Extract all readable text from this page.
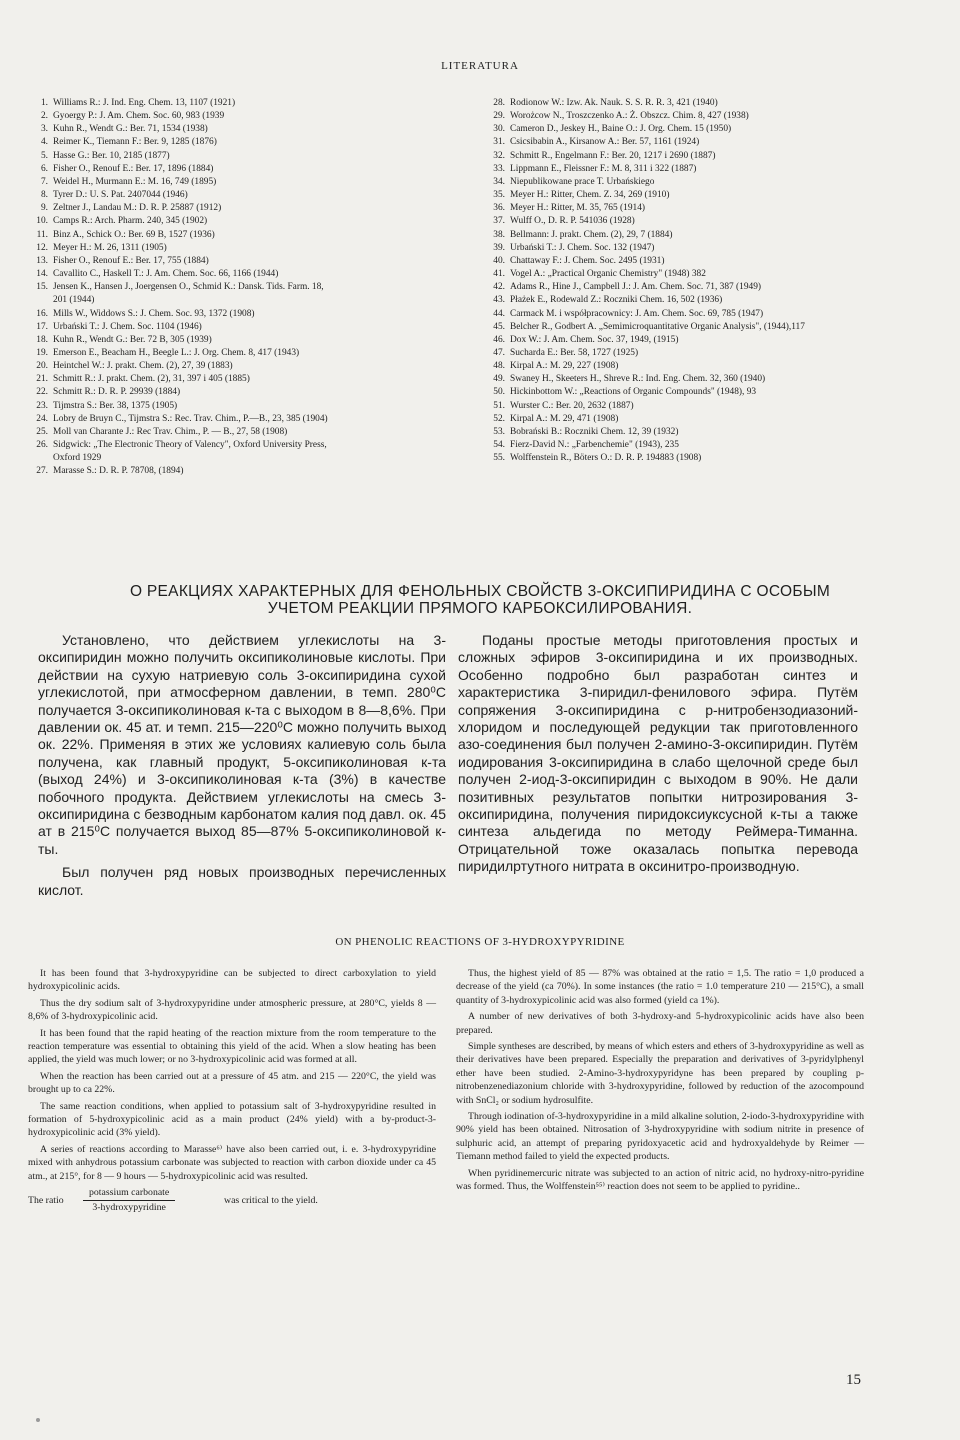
LITERATURA
1. Williams R.: J. Ind. Eng. Chem. 13, 1107 (1921)
2. Gyoergy P.: J. Am. Chem. Soc. 60, 983 (1939
3. Kuhn R., Wendt G.: Ber. 71, 1534 (1938)
4. Reimer K., Tiemann F.: Ber. 9, 1285 (1876)
5. Hasse G.: Ber. 10, 2185 (1877)
6. Fisher O., Renouf E.: Ber. 17, 1896 (1884)
7. Weidel H., Murmann E.: M. 16, 749 (1895)
8. Tyrer D.: U. S. Pat. 2407044 (1946)
9. Zeltner J., Landau M.: D. R. P. 25887 (1912)
10. Camps R.: Arch. Pharm. 240, 345 (1902)
11. Binz A., Schick O.: Ber. 69 B, 1527 (1936)
12. Meyer H.: M. 26, 1311 (1905)
13. Fisher O., Renouf E.: Ber. 17, 755 (1884)
14. Cavallito C., Haskell T.: J. Am. Chem. Soc. 66, 1166 (1944)
15. Jensen K., Hansen J., Joergensen O., Schmid K.: Dansk. Tids. Farm. 18,
201 (1944)
16. Mills W., Widdows S.: J. Chem. Soc. 93, 1372 (1908)
17. Urbański T.: J. Chem. Soc. 1104 (1946)
18. Kuhn R., Wendt G.: Ber. 72 B, 305 (1939)
19. Emerson E., Beacham H., Beegle L.: J. Org. Chem. 8, 417 (1943)
20. Heintchel W.: J. prakt. Chem. (2), 27, 39 (1883)
21. Schmitt R.: J. prakt. Chem. (2), 31, 397 i 405 (1885)
22. Schmitt R.: D. R. P. 29939 (1884)
23. Tijmstra S.: Ber. 38, 1375 (1905)
24. Lobry de Bruyn C., Tijmstra S.: Rec. Trav. Chim., P.—B., 23, 385 (1904)
25. Moll van Charante J.: Rec Trav. Chim., P. — B., 27, 58 (1908)
26. Sidgwick: „The Electronic Theory of Valency", Oxford University Press,
Oxford 1929
27. Marasse S.: D. R. P. 78708, (1894)
28. Rodionow W.: Izw. Ak. Nauk. S. S. R. R. 3, 421 (1940)
29. Worożcow N., Troszczenko A.: Ż. Obszcz. Chim. 8, 427 (1938)
30. Cameron D., Jeskey H., Baine O.: J. Org. Chem. 15 (1950)
31. Csicsibabin A., Kirsanow A.: Ber. 57, 1161 (1924)
32. Schmitt R., Engelmann F.: Ber. 20, 1217 i 2690 (1887)
33. Lippmann E., Fleissner F.: M. 8, 311 i 322 (1887)
34. Niepublikowane prace T. Urbańskiego
35. Meyer H.: Ritter, Chem. Z. 34, 269 (1910)
36. Meyer H.: Ritter, M. 35, 765 (1914)
37. Wulff O., D. R. P. 541036 (1928)
38. Bellmann: J. prakt. Chem. (2), 29, 7 (1884)
39. Urbański T.: J. Chem. Soc. 132 (1947)
40. Chattaway F.: J. Chem. Soc. 2495 (1931)
41. Vogel A.: „Practical Organic Chemistry" (1948) 382
42. Adams R., Hine J., Campbell J.: J. Am. Chem. Soc. 71, 387 (1949)
43. Płażek E., Rodewald Z.: Roczniki Chem. 16, 502 (1936)
44. Carmack M. i współpracownicy: J. Am. Chem. Soc. 69, 785 (1947)
45. Belcher R., Godbert A. „Semimicroquantitative Organic Analysis", (1944),117
46. Dox W.: J. Am. Chem. Soc. 37, 1949, (1915)
47. Sucharda E.: Ber. 58, 1727 (1925)
48. Kirpal A.: M. 29, 227 (1908)
49. Swaney H., Skeeters H., Shreve R.: Ind. Eng. Chem. 32, 360 (1940)
50. Hickinbottom W.: „Reactions of Organic Compounds" (1948), 93
51. Wurster C.: Ber. 20, 2632 (1887)
52. Kirpal A.: M. 29, 471 (1908)
53. Bobrański B.: Roczniki Chem. 12, 39 (1932)
54. Fierz-David N.: „Farbenchemie" (1943), 235
55. Wolffenstein R., Böters O.: D. R. P. 194883 (1908)
О РЕАКЦИЯХ ХАРАКТЕРНЫХ ДЛЯ ФЕНОЛЬНЫХ СВОЙСТВ 3-ОКСИПИРИДИНА С ОСОБЫМ
УЧЕТОМ РЕАКЦИИ ПРЯМОГО КАРБОКСИЛИРОВАНИЯ.

Установлено, что действием углекислоты на 3-оксипиридин можно получить оксипиколиновые кислоты. При действии на сухую натриевую соль 3-оксипиридина сухой углекислотой, при атмосферном давлении, в темп. 280⁰С получается 3-оксипиколиновая к-та с выходом в 8—8,6%. При давлении ок. 45 ат. и темп. 215—220⁰С можно получить выход ок. 22%. Применяя в этих же условиях калиевую соль была получена, как главный продукт, 5-оксипиколиновая к-та (выход 24%) и 3-оксипиколиновая к-та (3%) в качестве побочного продукта. Действием углекислоты на смесь 3-оксипиридина с безводным карбонатом калия под давл. ок. 45 ат в 215⁰С получается выход 85—87% 5-оксипиколиновой к-ты.

Был получен ряд новых производных перечисленных кислот.

Поданы простые методы приготовления простых и сложных эфиров 3-оксипиридина и их производных. Особенно подробно был разработан синтез и характеристика 3-пиридил-фенилового эфира. Путём сопряжения 3-оксипиридина с р-нитробензодиазоний-хлоридом и последующей редукции так приготовленного азо-соединения был получен 2-амино-3-оксипиридин. Путём иодирования 3-оксипиридина в слабо щелочной среде был получен 2-иод-3-оксипиридин с выходом в 90%. Не дали позитивных результатов попытки нитрозирования 3-оксипиридина, получения пиридоксиуксусной к-ты а также синтеза альдегида по методу Реймера-Тиманна. Отрицательной тоже оказалась попытка перевода пиридилртутного нитрата в оксинитро-производную.

ON PHENOLIC REACTIONS OF 3-HYDROXYPYRIDINE

It has been found that 3-hydroxypyridine can be subjected to direct carboxylation to yield hydroxypicolinic acids.

Thus the dry sodium salt of 3-hydroxypyridine under atmospheric pressure, at 280°C, yields 8 — 8,6% of 3-hydroxypicolinic acid.

It has been found that the rapid heating of the reaction mixture from the room temperature to the reaction temperature was essential to obtaining this yield of the acid. When a slow heating has been applied, the yield was much lower; or no 3-hydroxypicolinic acid was formed at all.

When the reaction has been carried out at a pressure of 45 atm. and 215 — 220°C, the yield was brought up to ca 22%.

The same reaction conditions, when applied to potassium salt of 3-hydroxypyridine resulted in formation of 5-hydroxypicolinic acid as a main product (24% yield) with a by-product-3-hydroxypicolinic acid (3% yield).

A series of reactions according to Marasse⁶⁾ have also been carried out, i. e. 3-hydroxypyridine mixed with anhydrous potassium carbonate was subjected to reaction with carbon dioxide under ca 45 atm., at 215°, for 8 — 9 hours — 5-hydroxypicolinic acid was resulted.

The ratio
potassium carbonate
3-hydroxypyridine
was critical to the yield.

Thus, the highest yield of 85 — 87% was obtained at the ratio = 1,5. The ratio = 1,0 produced a decrease of the yield (ca 70%). In some instances (the ratio = 1.0 temperature 210 — 215°C), a small quantity of 3-hydroxypicolinic acid was also formed (yield ca 1%).

A number of new derivatives of both 3-hydroxy-and 5-hydroxypicolinic acids have also been prepared.

Simple syntheses are described, by means of which esters and ethers of 3-hydroxypyridine as well as their derivatives have been prepared. Especially the preparation and derivatives of 3-pyridylphenyl ether have been studied. 2-Amino-3-hydroxypyridyne has been prepared by coupling p-nitrobenzenediazonium chloride with 3-hydroxypyridine, followed by reduction of the azocompound with SnCl₂ or sodium hydrosulfite.

Through iodination of-3-hydroxypyridine in a mild alkaline solution, 2-iodo-3-hydroxypyridine with 90% yield has been obtained. Nitrosation of 3-hydroxypyridine with sodium nitrite in presence of sulphuric acid, an attempt of preparing pyridoxyacetic acid and hydroxyaldehyde by Reimer — Tiemann method failed to yield the expected products.

When pyridinemercuric nitrate was subjected to an action of nitric acid, no hydroxy-nitro-pyridine was formed. Thus, the Wolffenstein⁵⁵⁾ reaction does not seem to be applied to pyridine..

15
